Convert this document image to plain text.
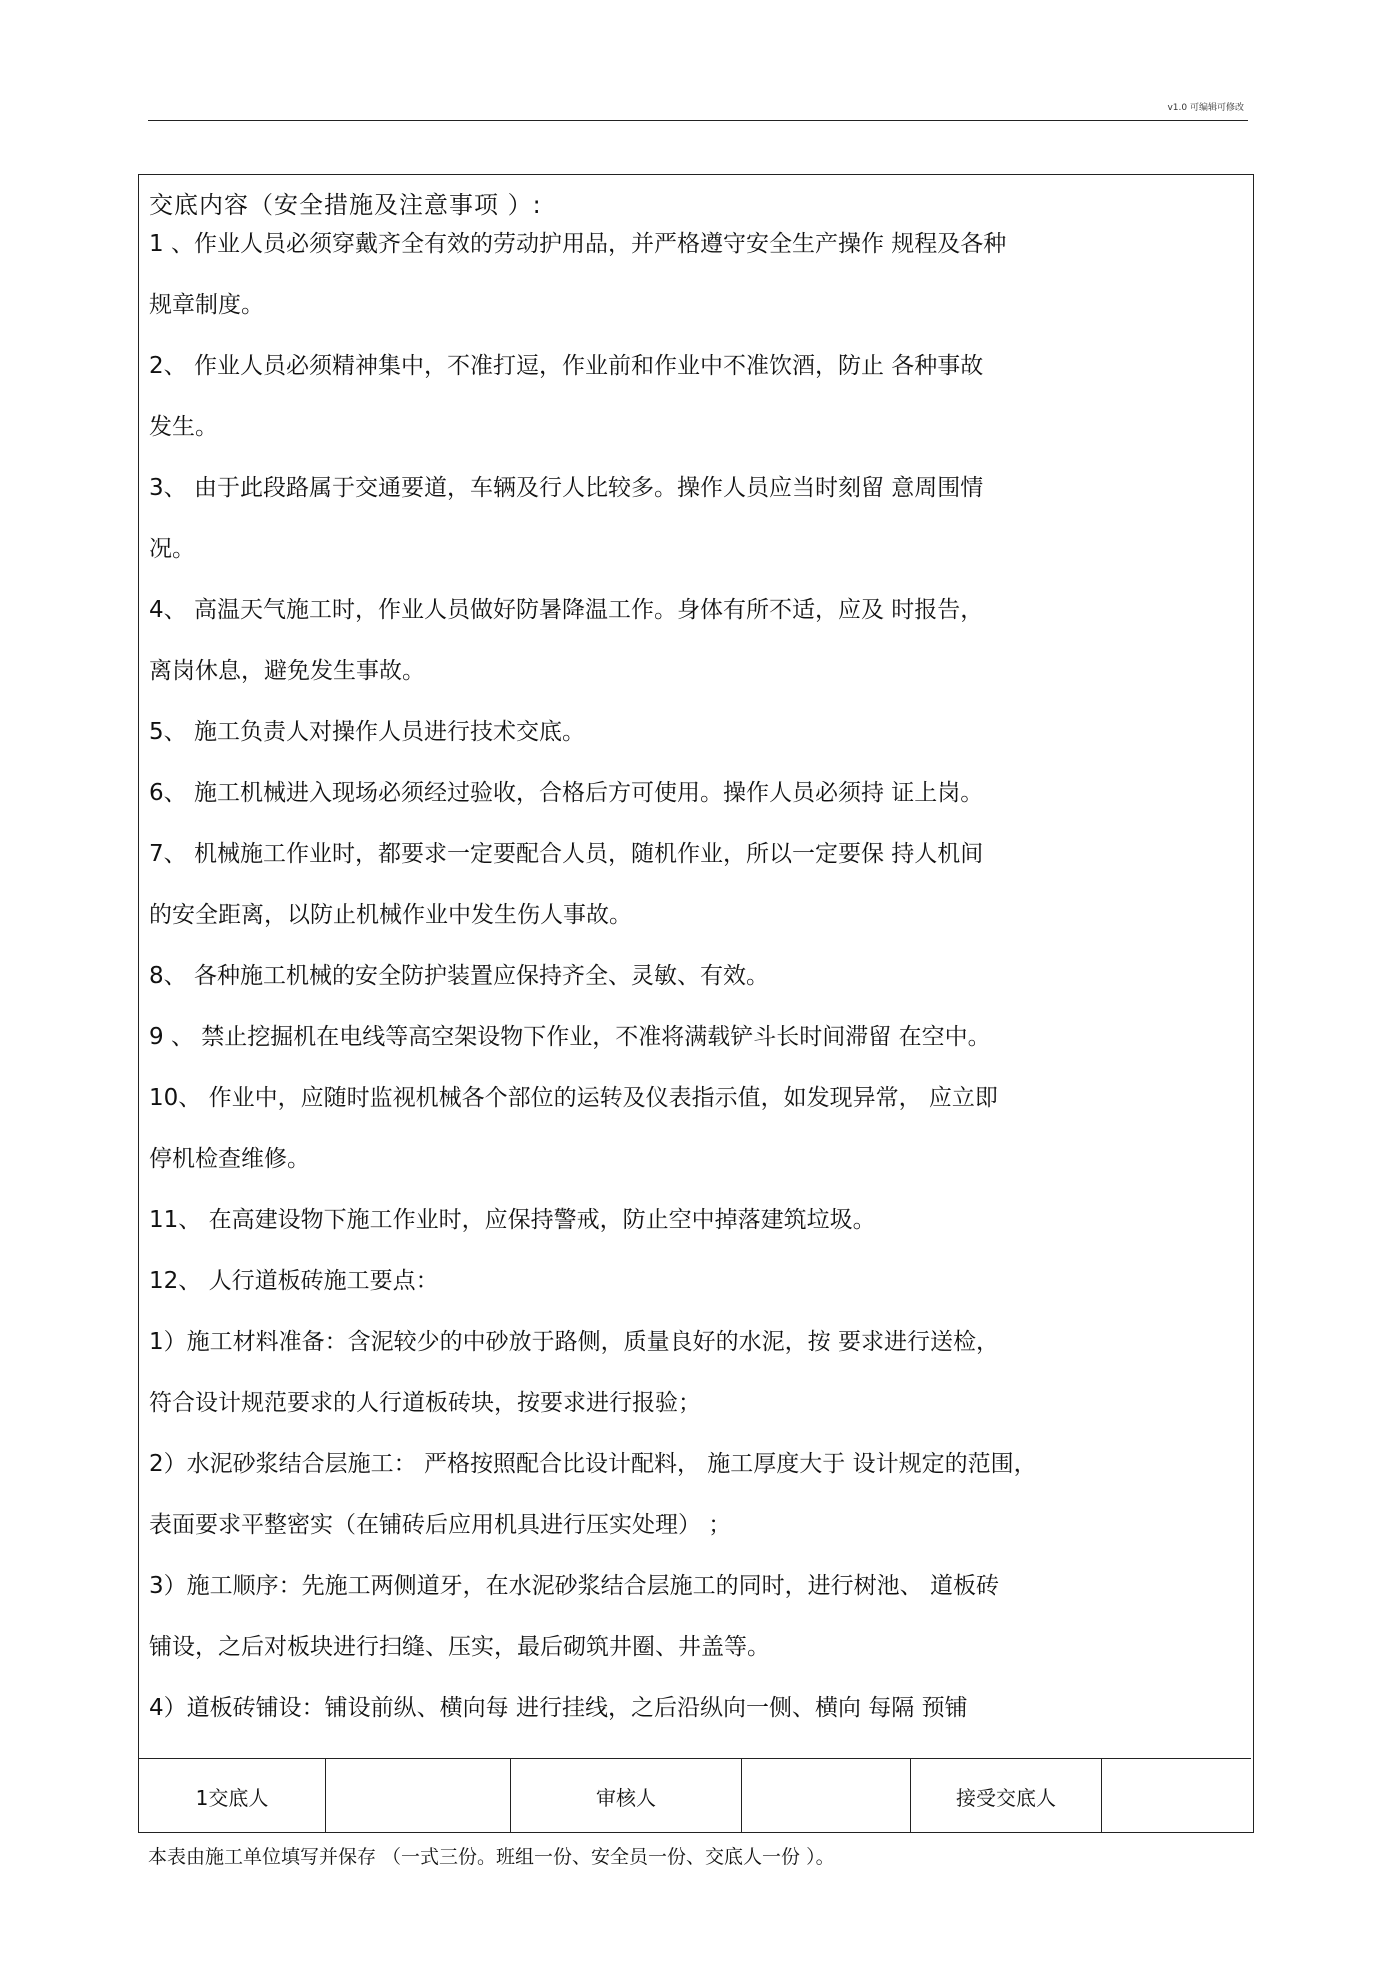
v1.0 可编辑可修改
交底内容（安全措施及注意事项 ）:
1 、作业人员必须穿戴齐全有效的劳动护用品，并严格遵守安全生产操作 规程及各种
规章制度。
2、 作业人员必须精神集中，不准打逗，作业前和作业中不准饮酒，防止 各种事故
发生。
3、 由于此段路属于交通要道，车辆及行人比较多。操作人员应当时刻留 意周围情
况。
4、 高温天气施工时，作业人员做好防暑降温工作。身体有所不适，应及 时报告，
离岗休息，避免发生事故。
5、 施工负责人对操作人员进行技术交底。
6、 施工机械进入现场必须经过验收，合格后方可使用。操作人员必须持 证上岗。
7、 机械施工作业时，都要求一定要配合人员，随机作业，所以一定要保 持人机间
的安全距离，以防止机械作业中发生伤人事故。
8、 各种施工机械的安全防护装置应保持齐全、灵敏、有效。
9 、 禁止挖掘机在电线等高空架设物下作业，不准将满载铲斗长时间滞留 在空中。
10、 作业中，应随时监视机械各个部位的运转及仪表指示值，如发现异常， 应立即
停机检查维修。
11、 在高建设物下施工作业时，应保持警戒，防止空中掉落建筑垃圾。
12、 人行道板砖施工要点：
1）施工材料准备：含泥较少的中砂放于路侧，质量良好的水泥，按 要求进行送检，
符合设计规范要求的人行道板砖块，按要求进行报验；
2）水泥砂浆结合层施工： 严格按照配合比设计配料， 施工厚度大于 设计规定的范围，
表面要求平整密实（在铺砖后应用机具进行压实处理） ；
3）施工顺序：先施工两侧道牙，在水泥砂浆结合层施工的同时，进行树池、 道板砖
铺设，之后对板块进行扫缝、压实，最后砌筑井圈、井盖等。
4）道板砖铺设：铺设前纵、横向每 进行挂线，之后沿纵向一侧、横向 每隔 预铺
1交底人	审核人	接受交底人
本表由施工单位填写并保存 （一式三份。班组一份、安全员一份、交底人一份 ）。
